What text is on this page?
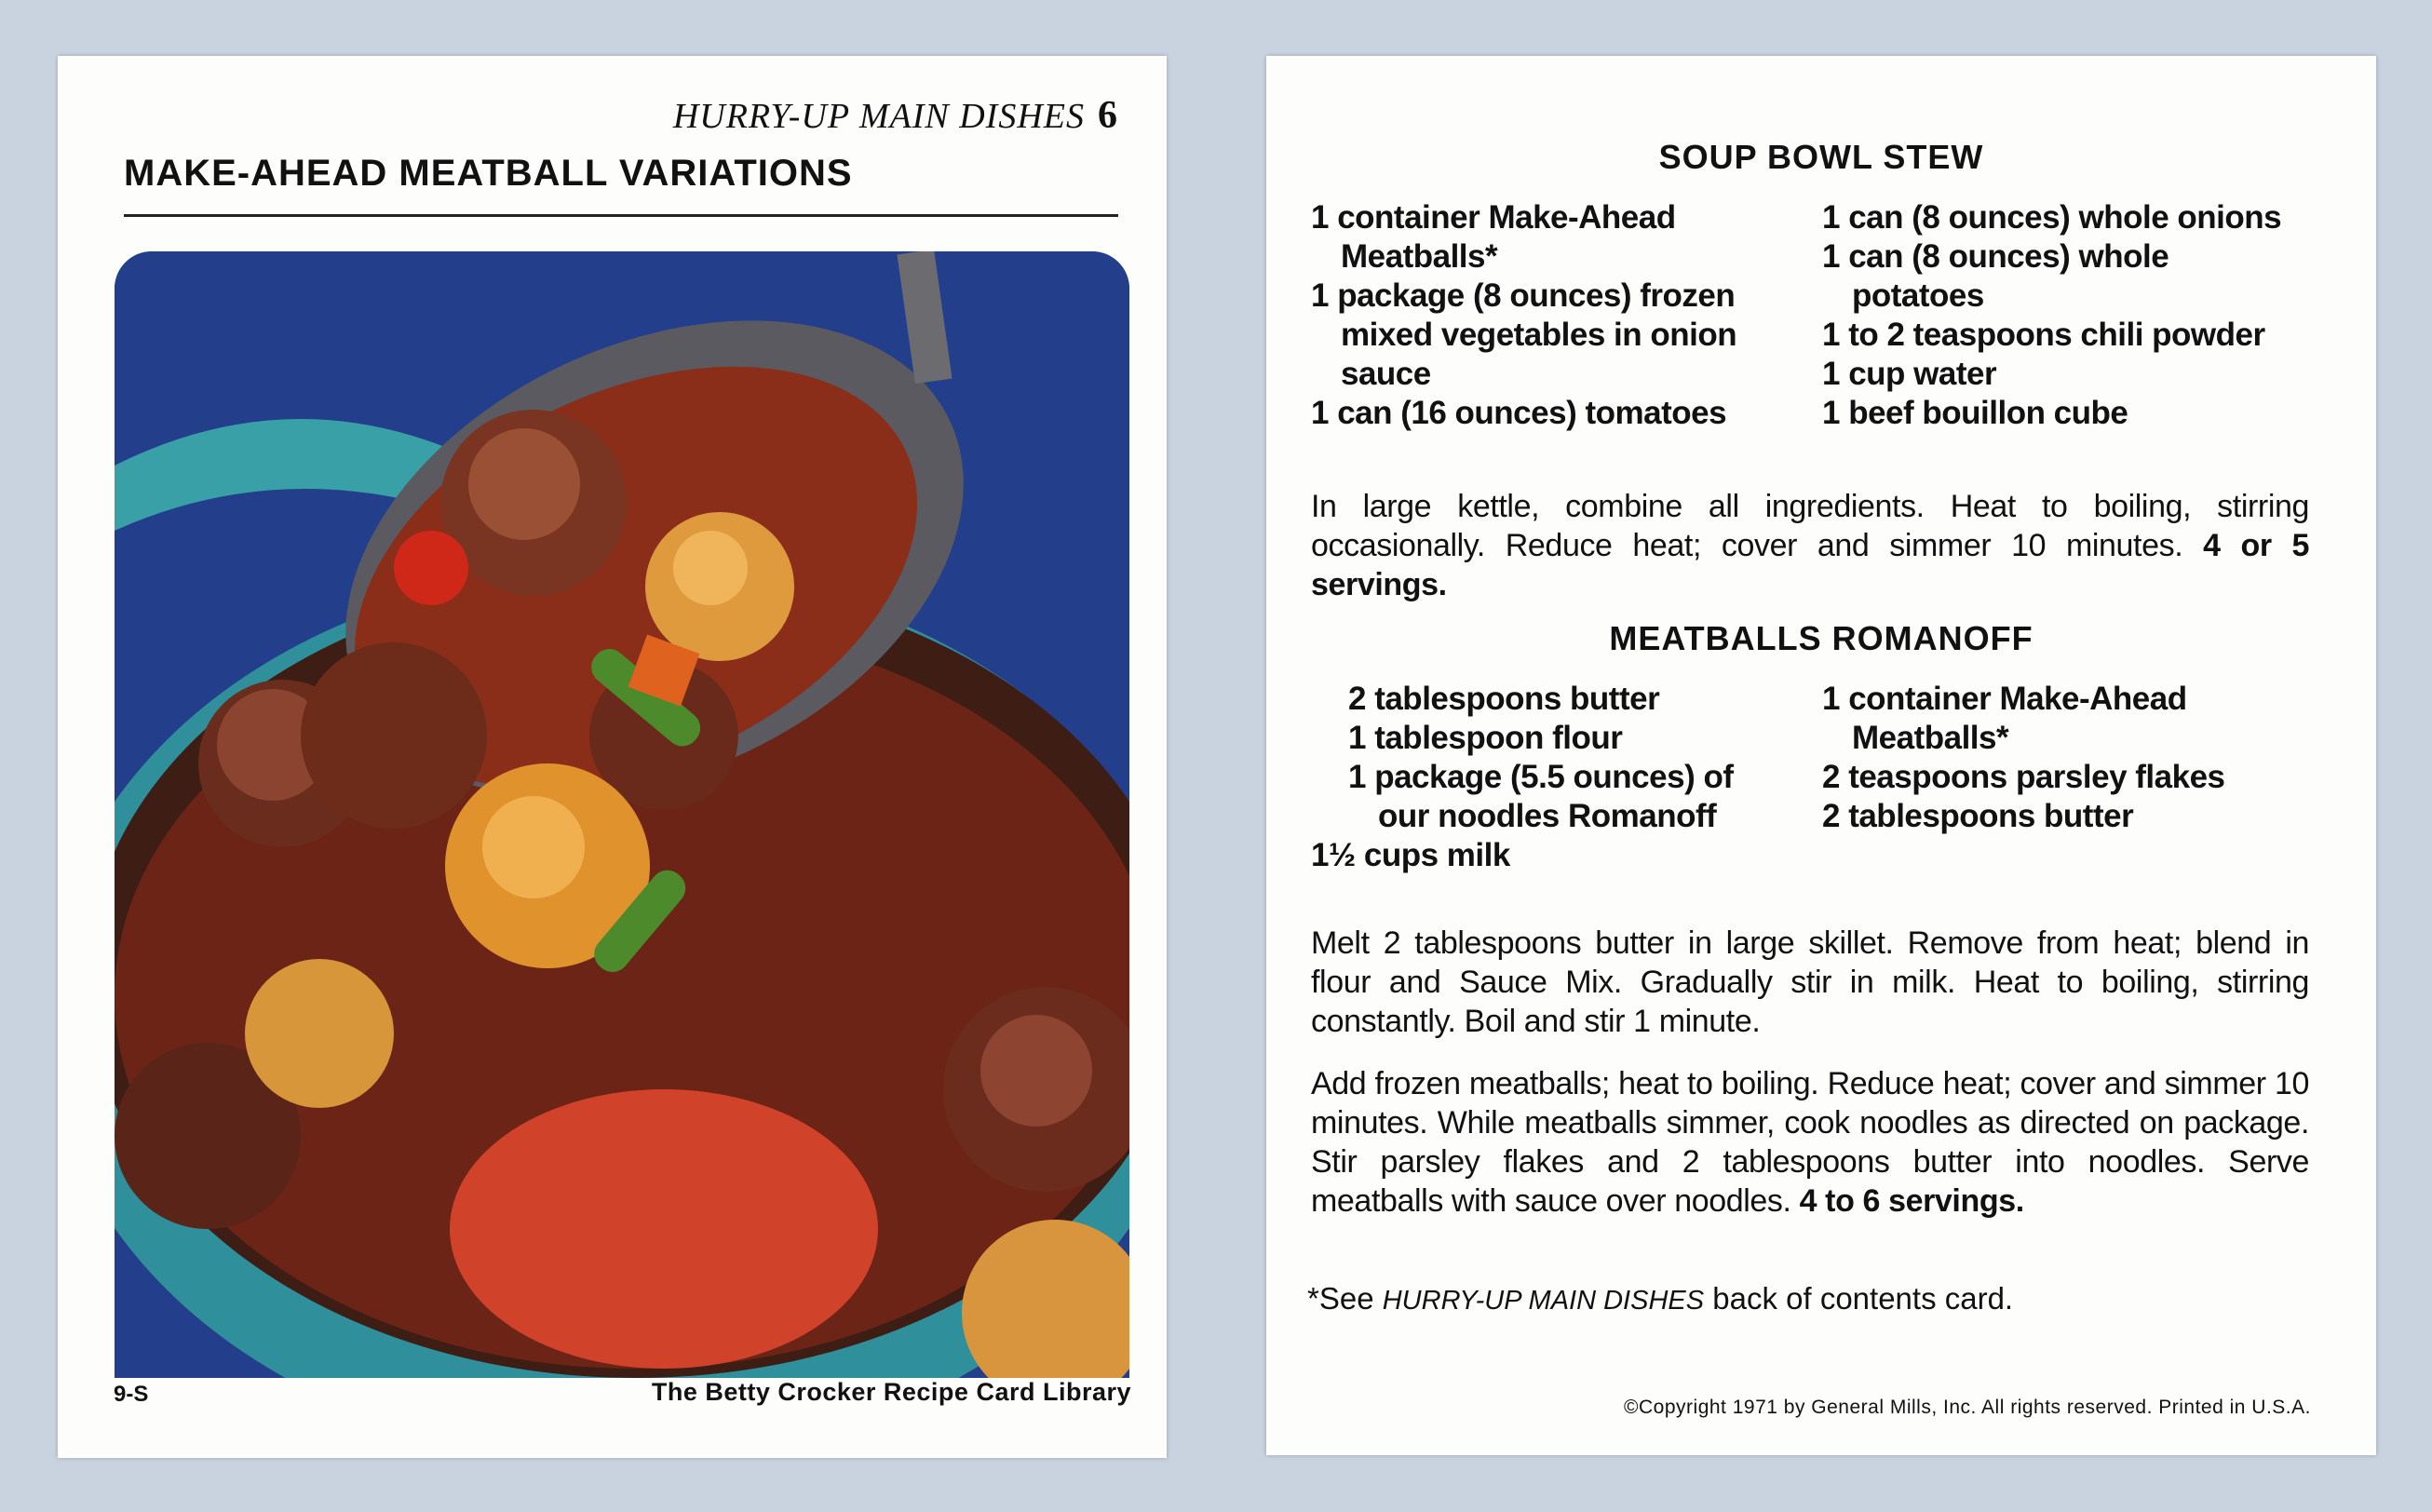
HURRY-UP MAIN DISHES 6
MAKE-AHEAD MEATBALL VARIATIONS
9-S	The Betty Crocker Recipe Card Library
SOUP BOWL STEW
1 container Make-Ahead Meatballs*
1 package (8 ounces) frozen mixed vegetables in onion sauce
1 can (16 ounces) tomatoes
1 can (8 ounces) whole onions
1 can (8 ounces) whole potatoes
1 to 2 teaspoons chili powder
1 cup water
1 beef bouillon cube
In large kettle, combine all ingredients. Heat to boiling, stirring occasionally. Reduce heat; cover and simmer 10 minutes. 4 or 5 servings.
MEATBALLS ROMANOFF
2 tablespoons butter
1 tablespoon flour
1 package (5.5 ounces) of our noodles Romanoff
1½ cups milk
1 container Make-Ahead Meatballs*
2 teaspoons parsley flakes
2 tablespoons butter
Melt 2 tablespoons butter in large skillet. Remove from heat; blend in flour and Sauce Mix. Gradually stir in milk. Heat to boiling, stirring constantly. Boil and stir 1 minute.
Add frozen meatballs; heat to boiling. Reduce heat; cover and simmer 10 minutes. While meatballs simmer, cook noodles as directed on package. Stir parsley flakes and 2 tablespoons butter into noodles. Serve meatballs with sauce over noodles. 4 to 6 servings.
*See HURRY-UP MAIN DISHES back of contents card.
©Copyright 1971 by General Mills, Inc. All rights reserved. Printed in U.S.A.
